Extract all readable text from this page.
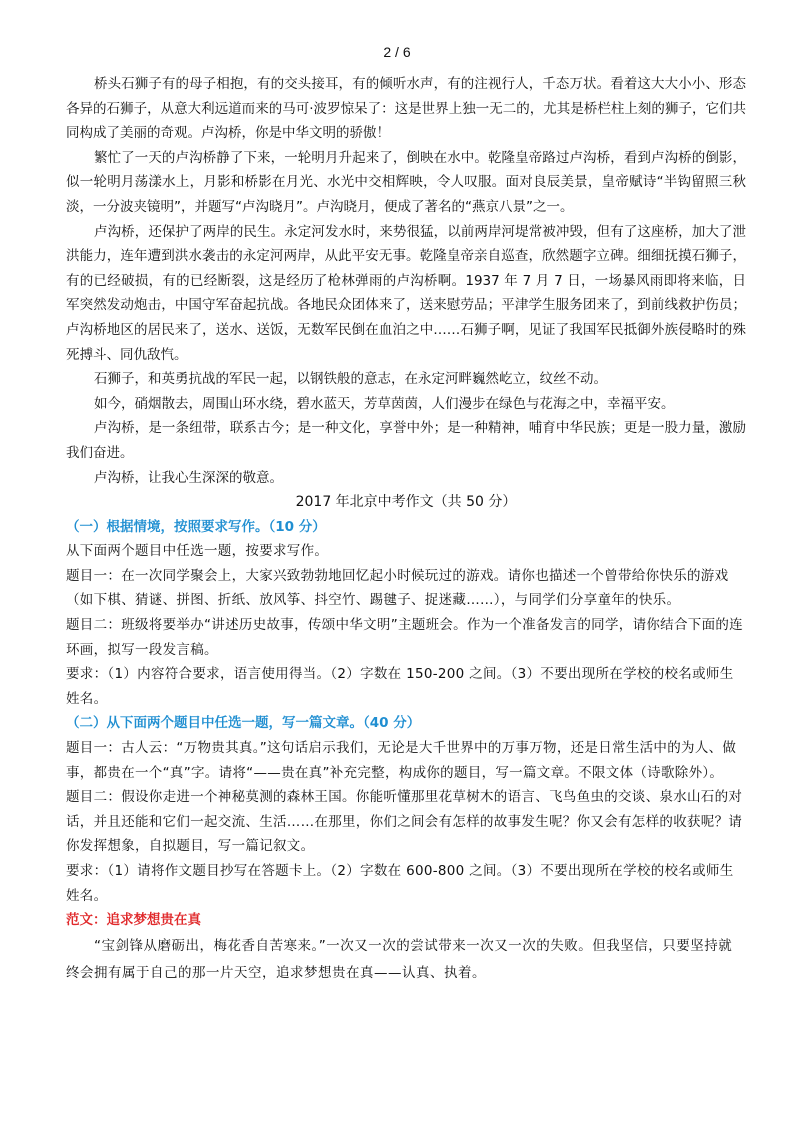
2 / 6

桥头石狮子有的母子相抱，有的交头接耳，有的倾听水声，有的注视行人，千态万状。看着这大大小小、形态各异的石狮子，从意大利远道而来的马可·波罗惊呆了：这是世界上独一无二的，尤其是桥栏柱上刻的狮子，它们共同构成了美丽的奇观。卢沟桥，你是中华文明的骄傲！

繁忙了一天的卢沟桥静了下来，一轮明月升起来了，倒映在水中。乾隆皇帝路过卢沟桥，看到卢沟桥的倒影，似一轮明月荡漾水上，月影和桥影在月光、水光中交相辉映，令人叹服。面对良辰美景，皇帝赋诗“半钩留照三秋淡，一分波夹镜明”，并题写“卢沟晓月”。卢沟晓月，便成了著名的“燕京八景”之一。

卢沟桥，还保护了两岸的民生。永定河发水时，来势很猛，以前两岸河堤常被冲毁，但有了这座桥，加大了泄洪能力，连年遭到洪水袭击的永定河两岸，从此平安无事。乾隆皇帝亲自巡查，欣然题字立碑。细细抚摸石狮子，有的已经破损，有的已经断裂，这是经历了枪林弹雨的卢沟桥啊。1937 年 7 月 7 日，一场暴风雨即将来临，日军突然发动炮击，中国守军奋起抗战。各地民众团体来了，送来慰劳品；平津学生服务团来了，到前线救护伤员；卢沟桥地区的居民来了，送水、送饭，无数军民倒在血泊之中……石狮子啊，见证了我国军民抵御外族侵略时的殊死搏斗、同仇敌忾。

石狮子，和英勇抗战的军民一起，以钢铁般的意志，在永定河畔巍然屹立，纹丝不动。

如今，硝烟散去，周围山环水绕，碧水蓝天，芳草茵茵，人们漫步在绿色与花海之中，幸福平安。

卢沟桥，是一条纽带，联系古今；是一种文化，享誉中外；是一种精神，哺育中华民族；更是一股力量，激励我们奋进。

卢沟桥，让我心生深深的敬意。

2017 年北京中考作文（共 50 分）

（一）根据情境，按照要求写作。（10 分）

从下面两个题目中任选一题，按要求写作。

题目一：在一次同学聚会上，大家兴致勃勃地回忆起小时候玩过的游戏。请你也描述一个曾带给你快乐的游戏（如下棋、猜谜、拼图、折纸、放风筝、抖空竹、踢毽子、捉迷藏……），与同学们分享童年的快乐。

题目二：班级将要举办“讲述历史故事，传颂中华文明”主题班会。作为一个准备发言的同学，请你结合下面的连环画，拟写一段发言稿。

要求：（1）内容符合要求，语言使用得当。（2）字数在 150-200 之间。（3）不要出现所在学校的校名或师生姓名。

（二）从下面两个题目中任选一题，写一篇文章。（40 分）

题目一：古人云：“万物贵其真。”这句话启示我们，无论是大千世界中的万事万物，还是日常生活中的为人、做事，都贵在一个“真”字。请将“——贵在真”补充完整，构成你的题目，写一篇文章。不限文体（诗歌除外）。

题目二：假设你走进一个神秘莫测的森林王国。你能听懂那里花草树木的语言、飞鸟鱼虫的交谈、泉水山石的对话，并且还能和它们一起交流、生活……在那里，你们之间会有怎样的故事发生呢？你又会有怎样的收获呢？请你发挥想象，自拟题目，写一篇记叙文。

要求：（1）请将作文题目抄写在答题卡上。（2）字数在 600-800 之间。（3）不要出现所在学校的校名或师生姓名。

范文：追求梦想贵在真

“宝剑锋从磨砺出，梅花香自苦寒来。”一次又一次的尝试带来一次又一次的失败。但我坚信，只要坚持就终会拥有属于自己的那一片天空，追求梦想贵在真——认真、执着。
